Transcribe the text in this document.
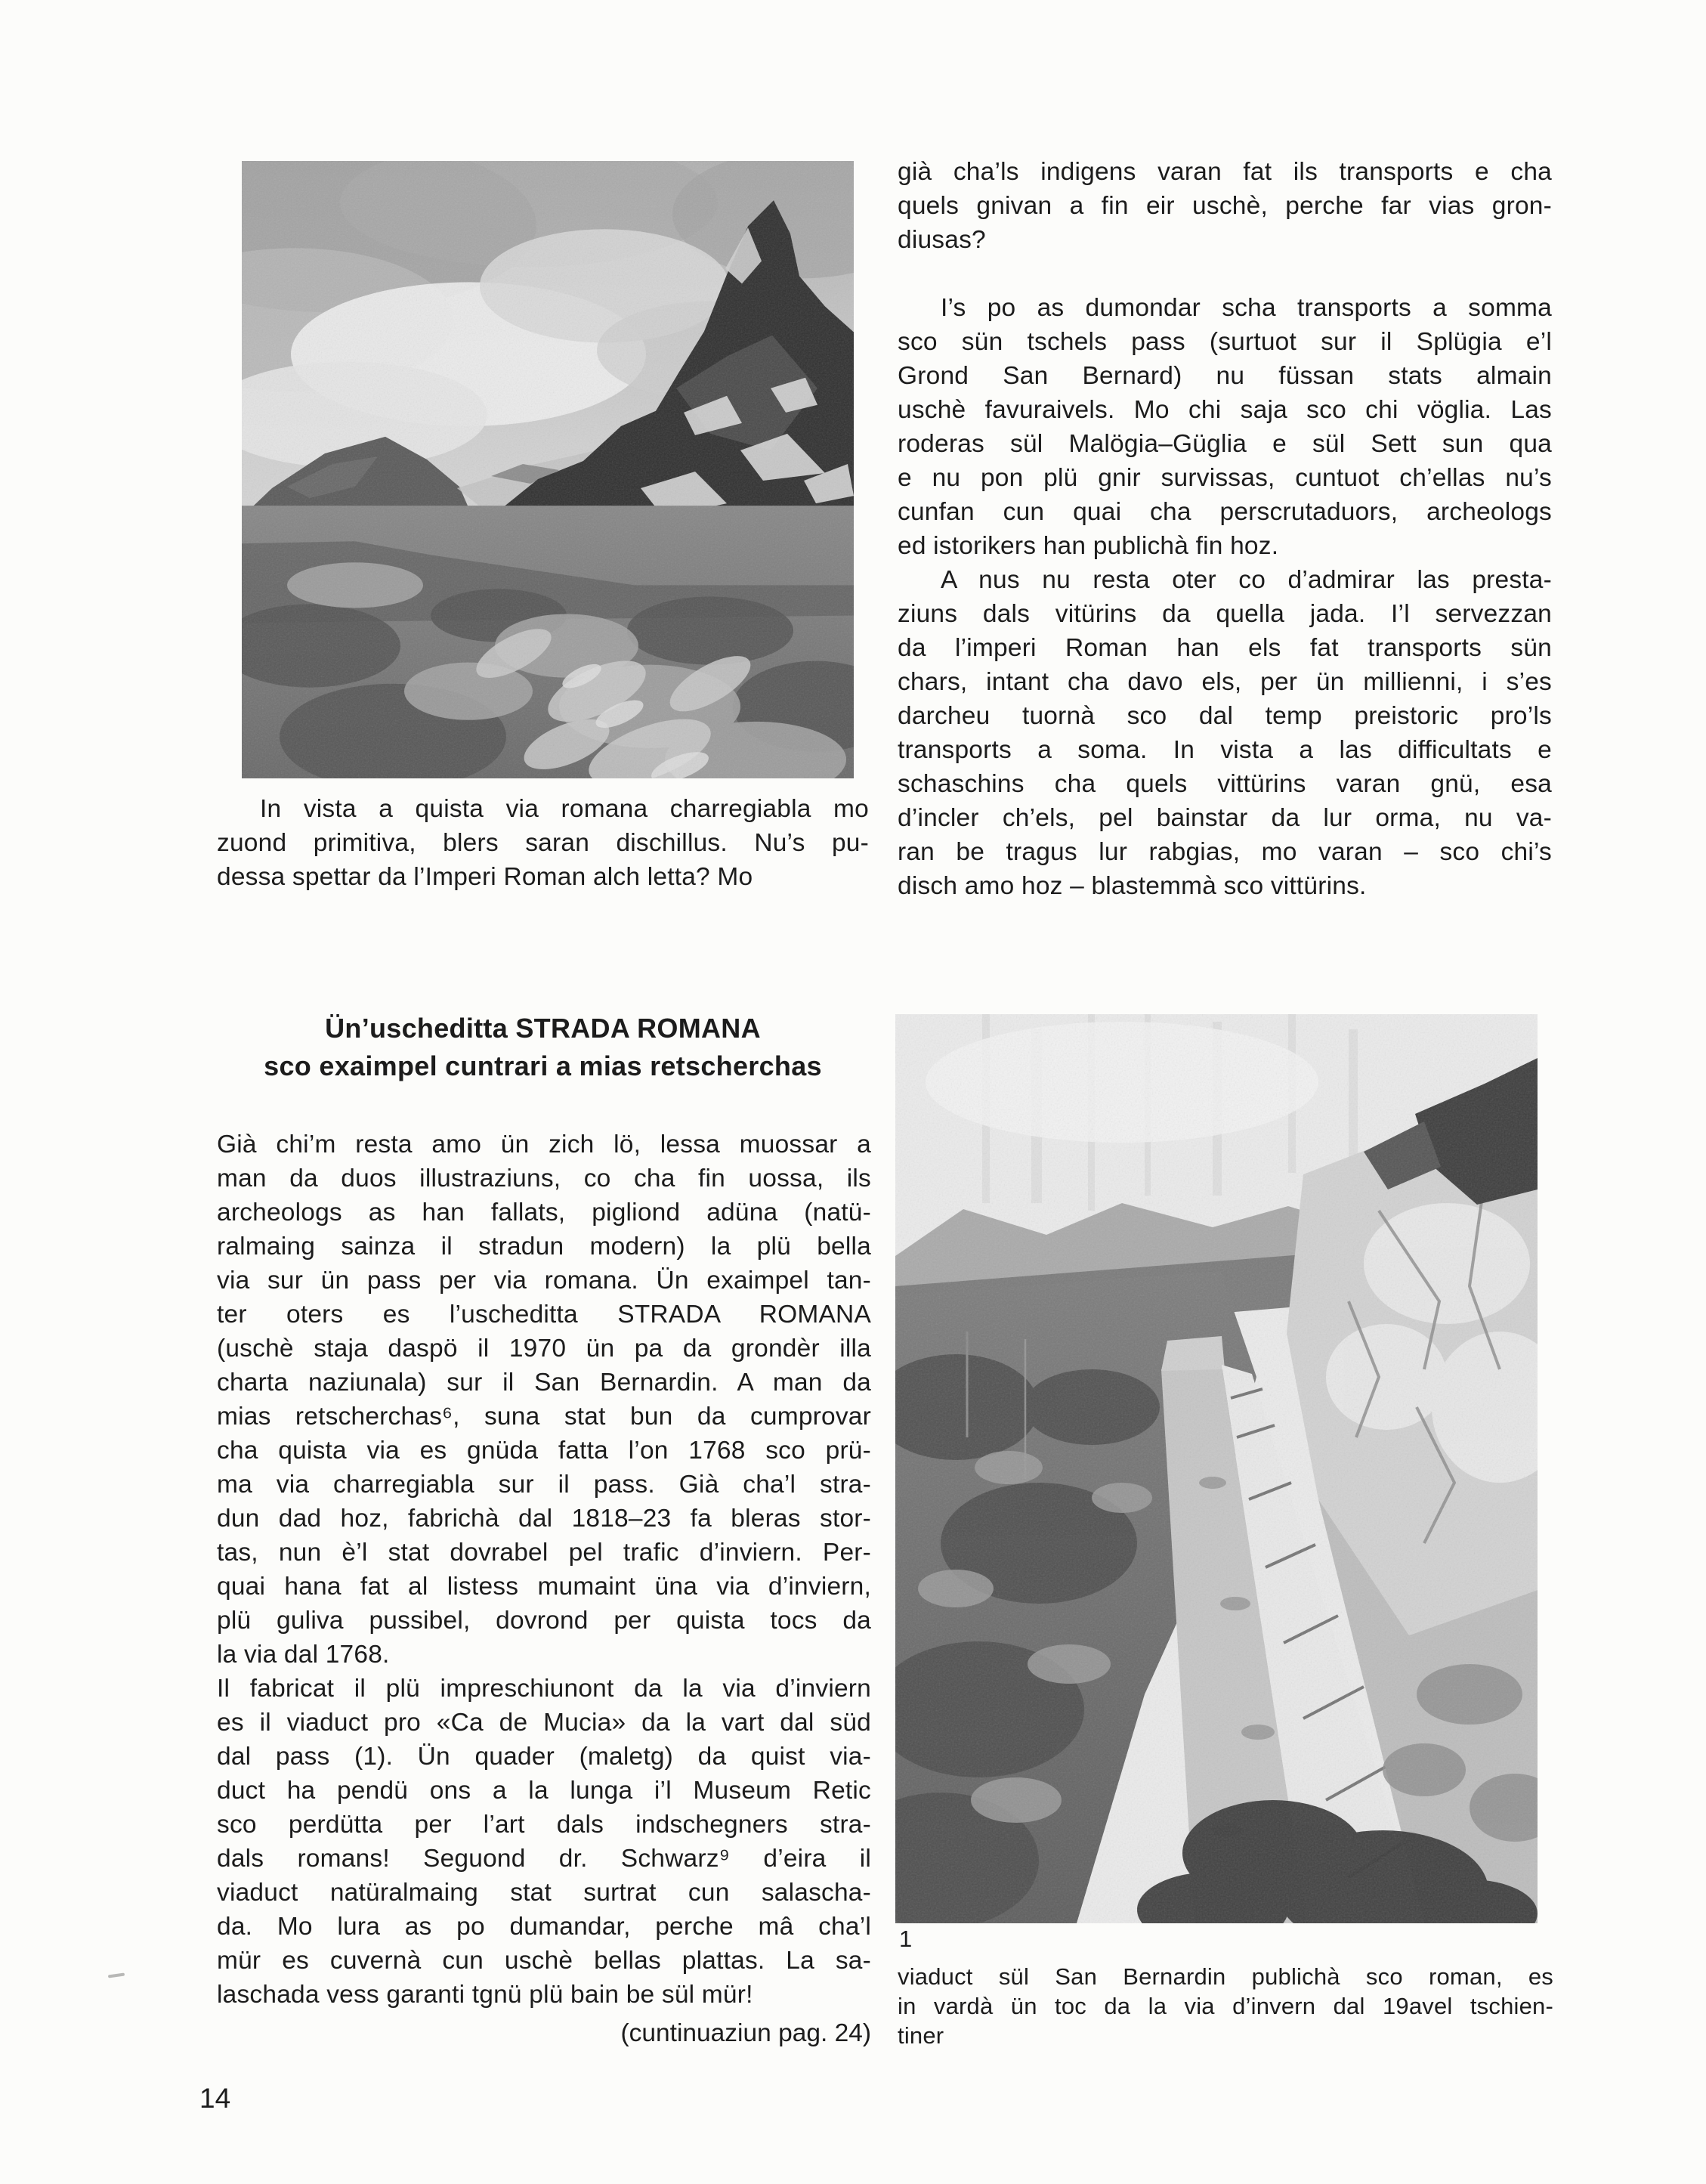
già cha’ls indigens varan fat ils transports e cha
quels gnivan a fin eir uschè, perche far vias gron-
diusas?
I’s po as dumondar scha transports a somma
sco sün tschels pass (surtuot sur il Splügia e’l
Grond San Bernard) nu füssan stats almain
uschè favuraivels. Mo chi saja sco chi vöglia. Las
roderas sül Malögia–Güglia e sül Sett sun qua
e nu pon plü gnir survissas, cuntuot ch’ellas nu’s
cunfan cun quai cha perscrutaduors, archeologs
ed istorikers han publichà fin hoz.
A nus nu resta oter co d’admirar las presta-
ziuns dals vitürins da quella jada. I’l servezzan
da l’imperi Roman han els fat transports sün
chars, intant cha davo els, per ün millienni, i s’es
darcheu tuornà sco dal temp preistoric pro’ls
transports a soma. In vista a las difficultats e
schaschins cha quels vittürins varan gnü, esa
d’incler ch’els, pel bainstar da lur orma, nu va-
ran be tragus lur rabgias, mo varan – sco chi’s
disch amo hoz – blastemmà sco vittürins.
In vista a quista via romana charregiabla mo
zuond primitiva, blers saran dischillus. Nu’s pu-
dessa spettar da l’Imperi Roman alch letta? Mo
Ün’uscheditta STRADA ROMANA
sco exaimpel cuntrari a mias retscherchas
Già chi’m resta amo ün zich lö, lessa muossar a
man da duos illustraziuns, co cha fin uossa, ils
archeologs as han fallats, pigliond adüna (natü-
ralmaing sainza il stradun modern) la plü bella
via sur ün pass per via romana. Ün exaimpel tan-
ter oters es l’uscheditta STRADA ROMANA
(uschè staja daspö il 1970 ün pa da grondèr illa
charta naziunala) sur il San Bernardin. A man da
mias retscherchas⁶, suna stat bun da cumprovar
cha quista via es gnüda fatta l’on 1768 sco prü-
ma via charregiabla sur il pass. Già cha’l stra-
dun dad hoz, fabrichà dal 1818–23 fa bleras stor-
tas, nun è’l stat dovrabel pel trafic d’inviern. Per-
quai hana fat al listess mumaint üna via d’inviern,
plü guliva pussibel, dovrond per quista tocs da
la via dal 1768.
Il fabricat il plü impreschiunont da la via d’inviern
es il viaduct pro «Ca de Mucia» da la vart dal süd
dal pass (1). Ün quader (maletg) da quist via-
duct ha pendü ons a la lunga i’l Museum Retic
sco perdütta per l’art dals indschegners stra-
dals romans! Seguond dr. Schwarz⁹ d’eira il
viaduct natüralmaing stat surtrat cun salascha-
da. Mo lura as po dumandar, perche mâ cha’l
mür es cuvernà cun uschè bellas plattas. La sa-
laschada vess garanti tgnü plü bain be sül mür!
(cuntinuaziun pag. 24)
1
viaduct sül San Bernardin publichà sco roman, es
in vardà ün toc da la via d’invern dal 19avel tschien-
tiner
14
